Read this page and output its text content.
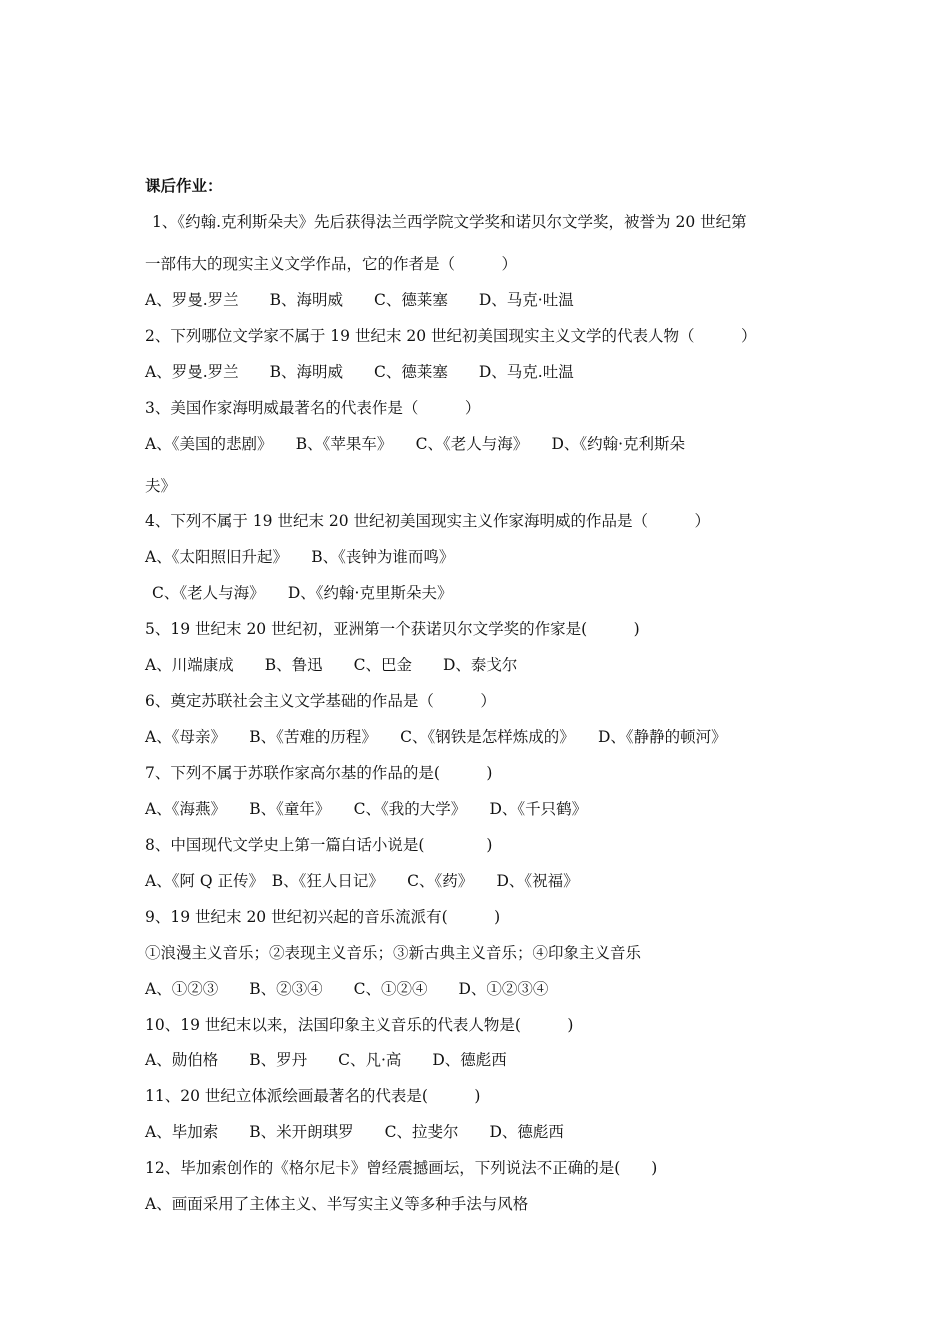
课后作业：
1、《约翰.克利斯朵夫》先后获得法兰西学院文学奖和诺贝尔文学奖，被誉为 20 世纪第
一部伟大的现实主义文学作品，它的作者是（　　　）
A、罗曼.罗兰　　B、海明威　　C、德莱塞　　D、马克·吐温
2、下列哪位文学家不属于 19 世纪末 20 世纪初美国现实主义文学的代表人物（　　　）
A、罗曼.罗兰　　B、海明威　　C、德莱塞　　D、马克.吐温
3、美国作家海明威最著名的代表作是（　　　）
A、《美国的悲剧》　　B、《苹果车》　　C、《老人与海》　　D、《约翰·克利斯朵
夫》
4、下列不属于 19 世纪末 20 世纪初美国现实主义作家海明威的作品是（　　　）
A、《太阳照旧升起》　　B、《丧钟为谁而鸣》
C、《老人与海》　　D、《约翰·克里斯朵夫》
5、19 世纪末 20 世纪初，亚洲第一个获诺贝尔文学奖的作家是(　　　)
A、川端康成　　B、鲁迅　　C、巴金　　D、泰戈尔
6、奠定苏联社会主义文学基础的作品是（　　　）
A、《母亲》　　B、《苦难的历程》　　C、《钢铁是怎样炼成的》　　D、《静静的顿河》
7、下列不属于苏联作家高尔基的作品的是(　　　)
A、《海燕》　　B、《童年》　　C、《我的大学》　　D、《千只鹤》
8、中国现代文学史上第一篇白话小说是(　　　　)
A、《阿 Q 正传》　B、《狂人日记》　　C、《药》　　D、《祝福》
9、19 世纪末 20 世纪初兴起的音乐流派有(　　　)
①浪漫主义音乐；②表现主义音乐；③新古典主义音乐；④印象主义音乐
A、①②③　　B、②③④　　C、①②④　　D、①②③④
10、19 世纪末以来，法国印象主义音乐的代表人物是(　　　)
A、勋伯格　　B、罗丹　　C、凡·高　　D、德彪西
11、20 世纪立体派绘画最著名的代表是(　　　)
A、毕加索　　B、米开朗琪罗　　C、拉斐尔　　D、德彪西
12、毕加索创作的《格尔尼卡》曾经震撼画坛，下列说法不正确的是(　　)
A、画面采用了主体主义、半写实主义等多种手法与风格
